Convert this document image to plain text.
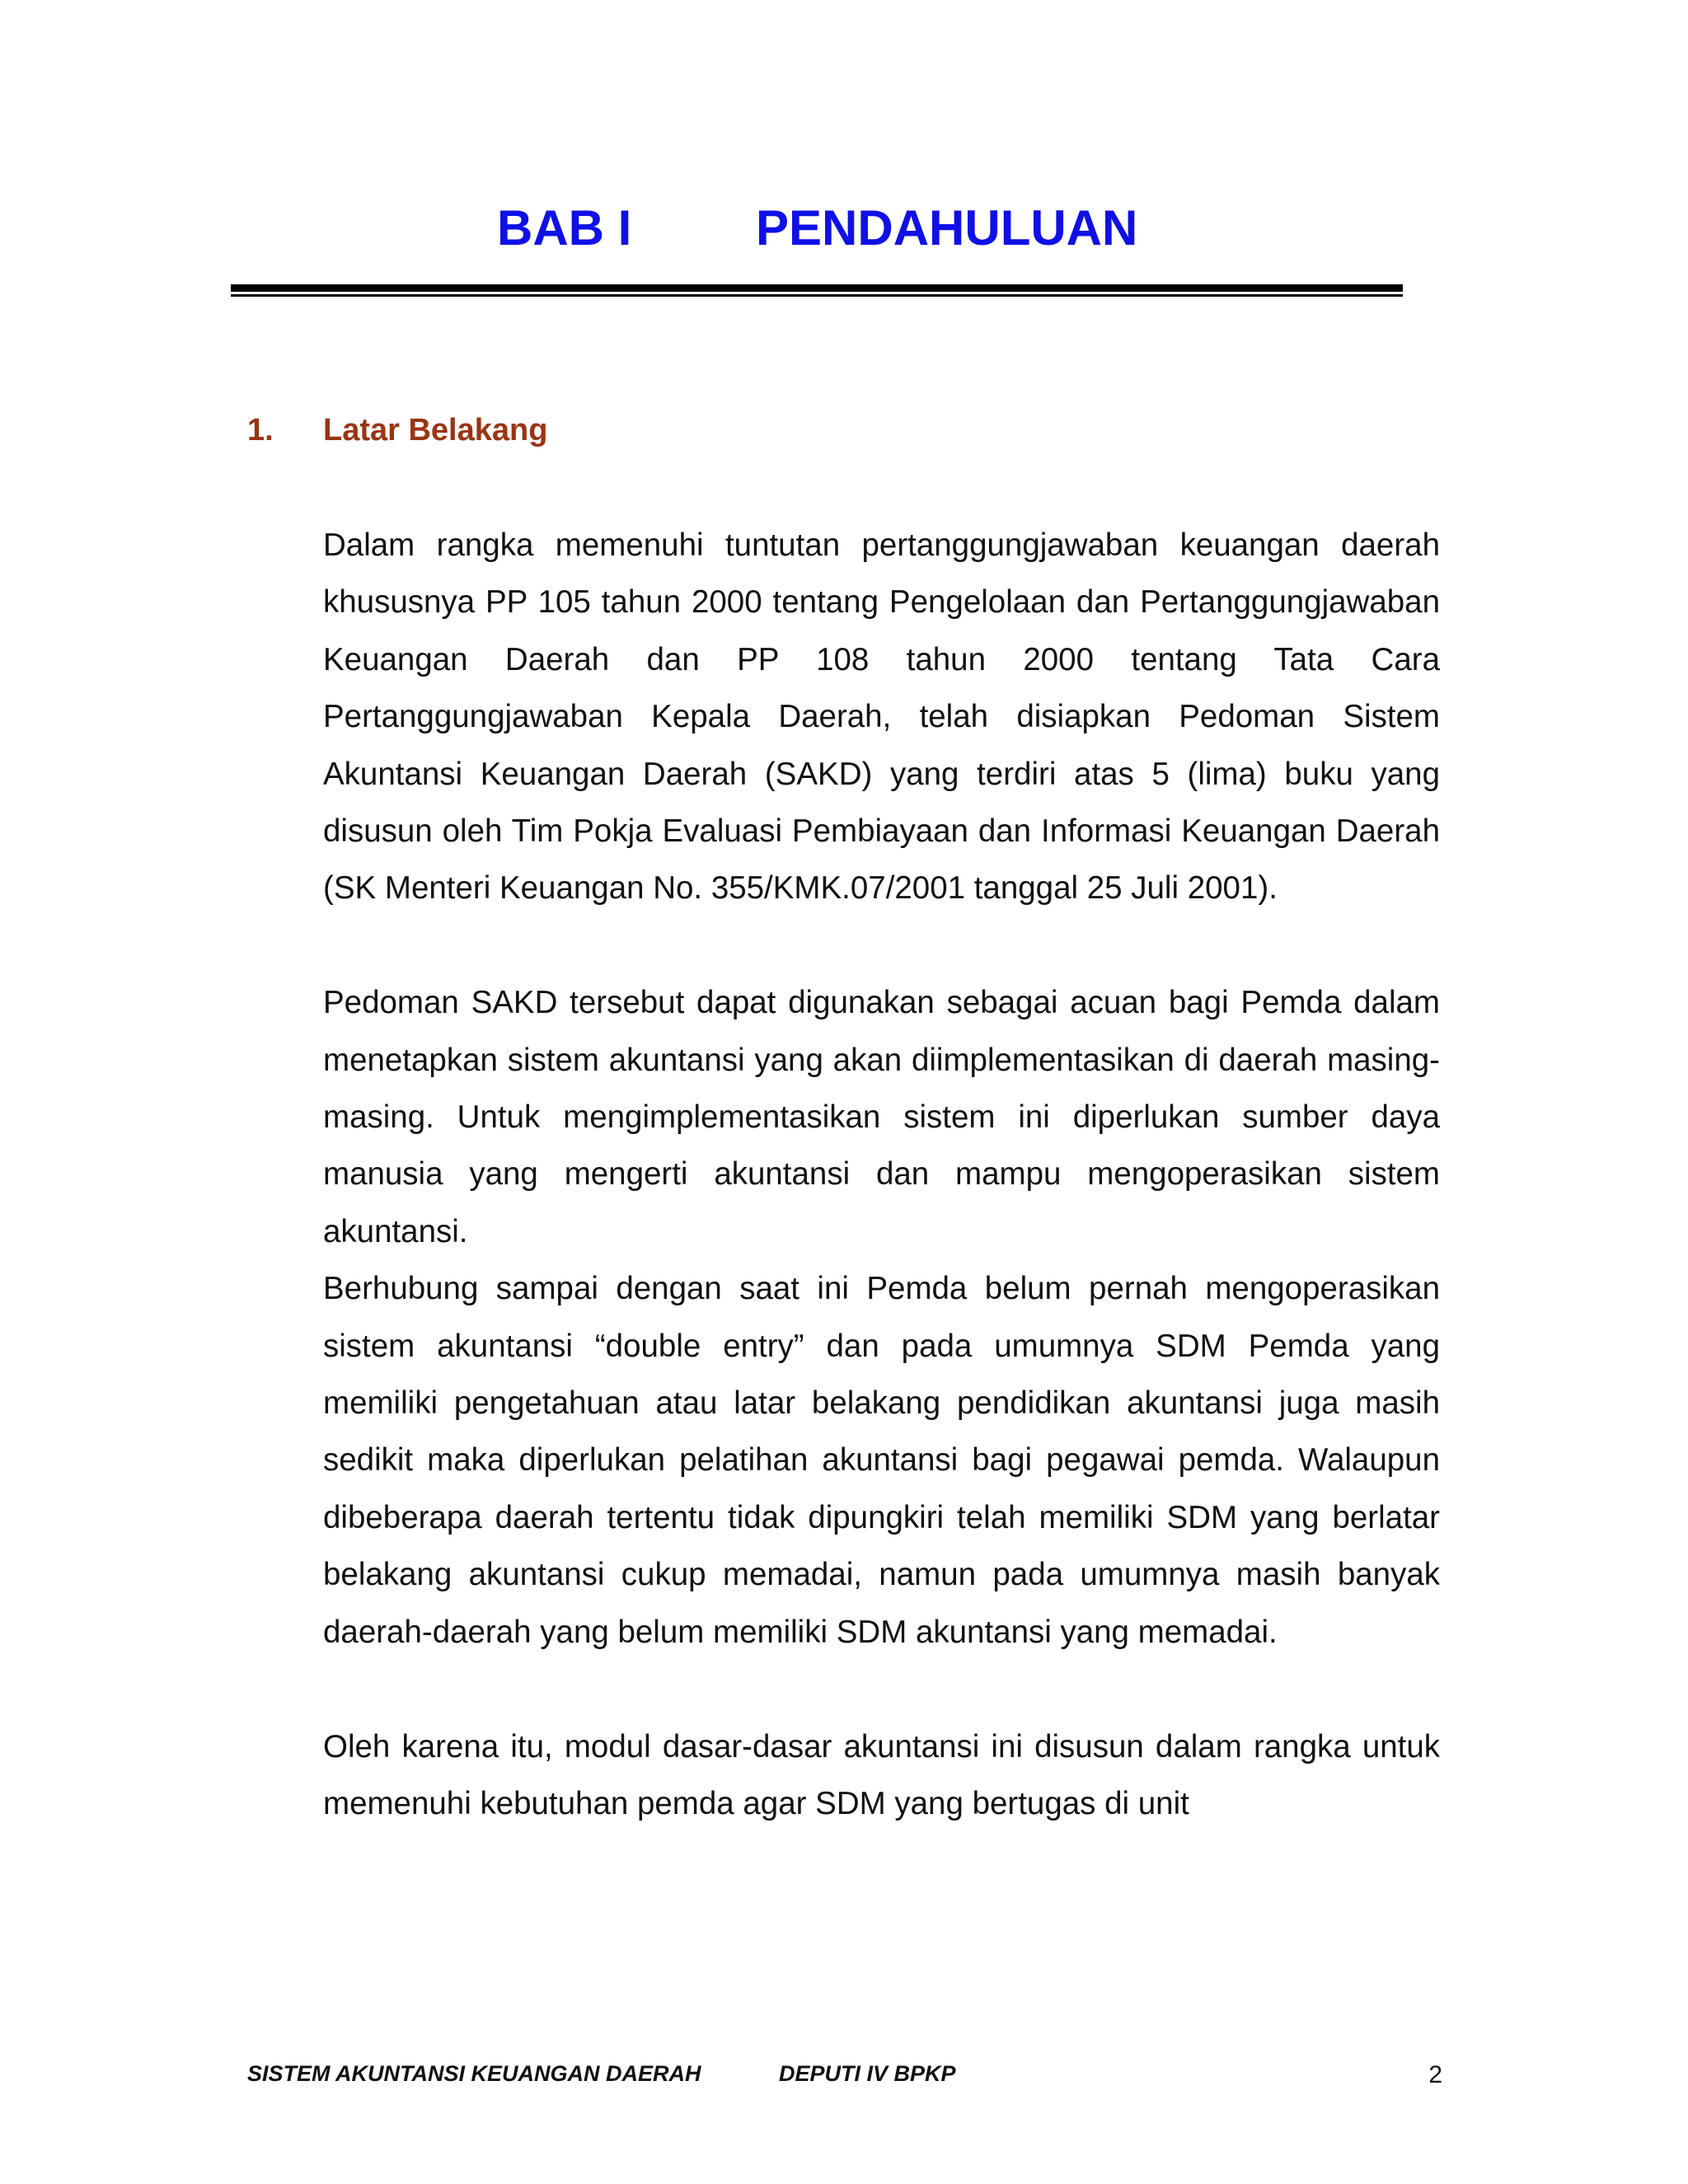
BAB I	PENDAHULUAN
1. Latar Belakang

Dalam rangka memenuhi tuntutan pertanggungjawaban keuangan daerah khususnya PP 105 tahun 2000 tentang Pengelolaan dan Pertanggungjawaban Keuangan Daerah dan PP 108 tahun 2000 tentang Tata Cara Pertanggungjawaban Kepala Daerah, telah disiapkan Pedoman Sistem Akuntansi Keuangan Daerah (SAKD) yang terdiri atas 5 (lima) buku yang disusun oleh Tim Pokja Evaluasi Pembiayaan dan Informasi Keuangan Daerah (SK Menteri Keuangan No. 355/KMK.07/2001 tanggal 25 Juli 2001).

Pedoman SAKD tersebut dapat digunakan sebagai acuan bagi Pemda dalam menetapkan sistem akuntansi yang akan diimplementasikan di daerah masing-masing. Untuk mengimplementasikan sistem ini diperlukan sumber daya manusia yang mengerti akuntansi dan mampu mengoperasikan sistem akuntansi.

Berhubung sampai dengan saat ini Pemda belum pernah mengoperasikan sistem akuntansi “double entry” dan pada umumnya SDM Pemda yang memiliki pengetahuan atau latar belakang pendidikan akuntansi juga masih sedikit maka diperlukan pelatihan akuntansi bagi pegawai pemda. Walaupun dibeberapa daerah tertentu tidak dipungkiri telah memiliki SDM yang berlatar belakang akuntansi cukup memadai, namun pada umumnya masih banyak daerah-daerah yang belum memiliki SDM akuntansi yang memadai.

Oleh karena itu, modul dasar-dasar akuntansi ini disusun dalam rangka untuk memenuhi kebutuhan pemda agar SDM yang bertugas di unit

SISTEM AKUNTANSI KEUANGAN DAERAH	DEPUTI IV BPKP	2
